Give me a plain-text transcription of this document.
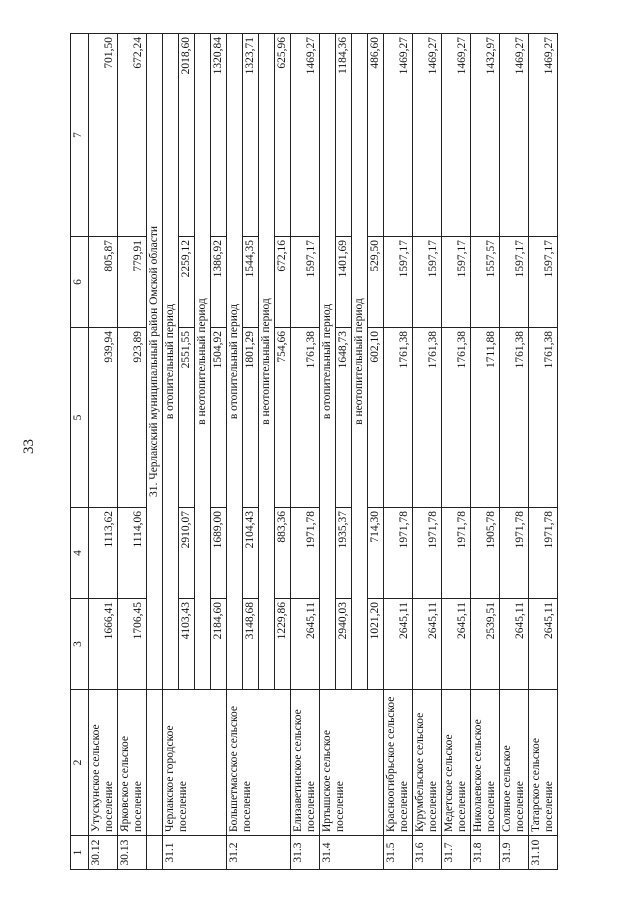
33
1	2	3	4	5	6	7
30.12	Утускунское сельское поселение	1666,41	1113,62	939,94	805,87	701,50
30.13	Ярковское сельское поселение	1706,45	1114,06	923,89	779,91	672,24
		31. Черлакский муниципальный район Омской области				
31.1	Черлакское городское поселение	в отопительный период				
		4103,43	2910,07	2551,55	2259,12	2018,60
		в неотопительный период				
		2184,60	1689,00	1504,92	1386,92	1320,84
31.2	Большетмасское сельское поселение	в отопительный период				
		3148,68	2104,43	1801,29	1544,35	1323,71
		в неотопительный период				
		1229,86	883,36	754,66	672,16	625,96
31.3	Елизаветинское сельское поселение	2645,11	1971,78	1761,38	1597,17	1469,27
31.4	Иртышское сельское поселение	в отопительный период				
		2940,03	1935,37	1648,73	1401,69	1184,36
		в неотопительный период				
		1021,20	714,30	602,10	529,50	486,60
31.5	Красноогибрьское сельское поселение	2645,11	1971,78	1761,38	1597,17	1469,27
31.6	Курумбельское сельское поселение	2645,11	1971,78	1761,38	1597,17	1469,27
31.7	Медетское сельское поселение	2645,11	1971,78	1761,38	1597,17	1469,27
31.8	Николаевское сельское поселение	2539,51	1905,78	1711,88	1557,57	1432,97
31.9	Соляное сельское поселение	2645,11	1971,78	1761,38	1597,17	1469,27
31.10	Татарское сельское поселение	2645,11	1971,78	1761,38	1597,17	1469,27
